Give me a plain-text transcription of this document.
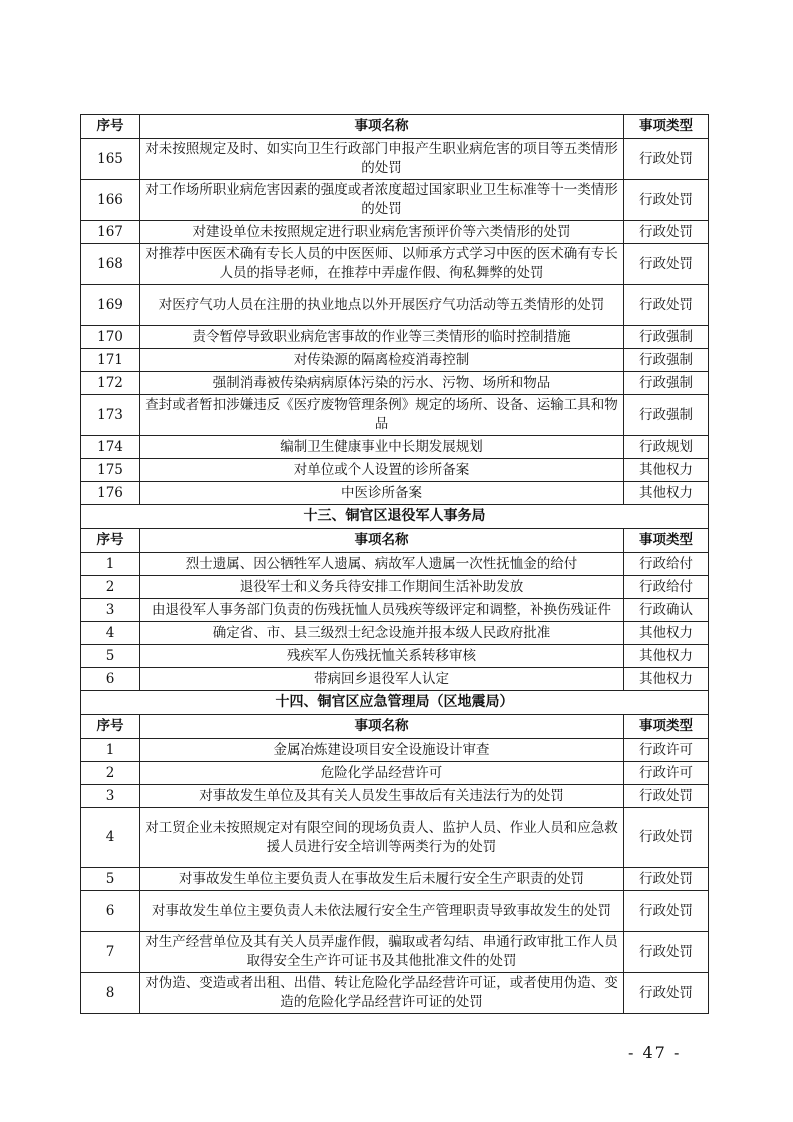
序号	事项名称	事项类型
165	对未按照规定及时、如实向卫生行政部门申报产生职业病危害的项目等五类情形的处罚	行政处罚
166	对工作场所职业病危害因素的强度或者浓度超过国家职业卫生标准等十一类情形的处罚	行政处罚
167	对建设单位未按照规定进行职业病危害预评价等六类情形的处罚	行政处罚
168	对推荐中医医术确有专长人员的中医医师、以师承方式学习中医的医术确有专长人员的指导老师，在推荐中弄虚作假、徇私舞弊的处罚	行政处罚
169	对医疗气功人员在注册的执业地点以外开展医疗气功活动等五类情形的处罚	行政处罚
170	责令暂停导致职业病危害事故的作业等三类情形的临时控制措施	行政强制
171	对传染源的隔离检疫消毒控制	行政强制
172	强制消毒被传染病病原体污染的污水、污物、场所和物品	行政强制
173	查封或者暂扣涉嫌违反《医疗废物管理条例》规定的场所、设备、运输工具和物品	行政强制
174	编制卫生健康事业中长期发展规划	行政规划
175	对单位或个人设置的诊所备案	其他权力
176	中医诊所备案	其他权力
十三、铜官区退役军人事务局		
序号	事项名称	事项类型
1	烈士遗属、因公牺牲军人遗属、病故军人遗属一次性抚恤金的给付	行政给付
2	退役军士和义务兵待安排工作期间生活补助发放	行政给付
3	由退役军人事务部门负责的伤残抚恤人员残疾等级评定和调整，补换伤残证件	行政确认
4	确定省、市、县三级烈士纪念设施并报本级人民政府批准	其他权力
5	残疾军人伤残抚恤关系转移审核	其他权力
6	带病回乡退役军人认定	其他权力
十四、铜官区应急管理局（区地震局）		
序号	事项名称	事项类型
1	金属冶炼建设项目安全设施设计审查	行政许可
2	危险化学品经营许可	行政许可
3	对事故发生单位及其有关人员发生事故后有关违法行为的处罚	行政处罚
4	对工贸企业未按照规定对有限空间的现场负责人、监护人员、作业人员和应急救援人员进行安全培训等两类行为的处罚	行政处罚
5	对事故发生单位主要负责人在事故发生后未履行安全生产职责的处罚	行政处罚
6	对事故发生单位主要负责人未依法履行安全生产管理职责导致事故发生的处罚	行政处罚
7	对生产经营单位及其有关人员弄虚作假，骗取或者勾结、串通行政审批工作人员取得安全生产许可证书及其他批准文件的处罚	行政处罚
8	对伪造、变造或者出租、出借、转让危险化学品经营许可证，或者使用伪造、变造的危险化学品经营许可证的处罚	行政处罚
- 47 -
